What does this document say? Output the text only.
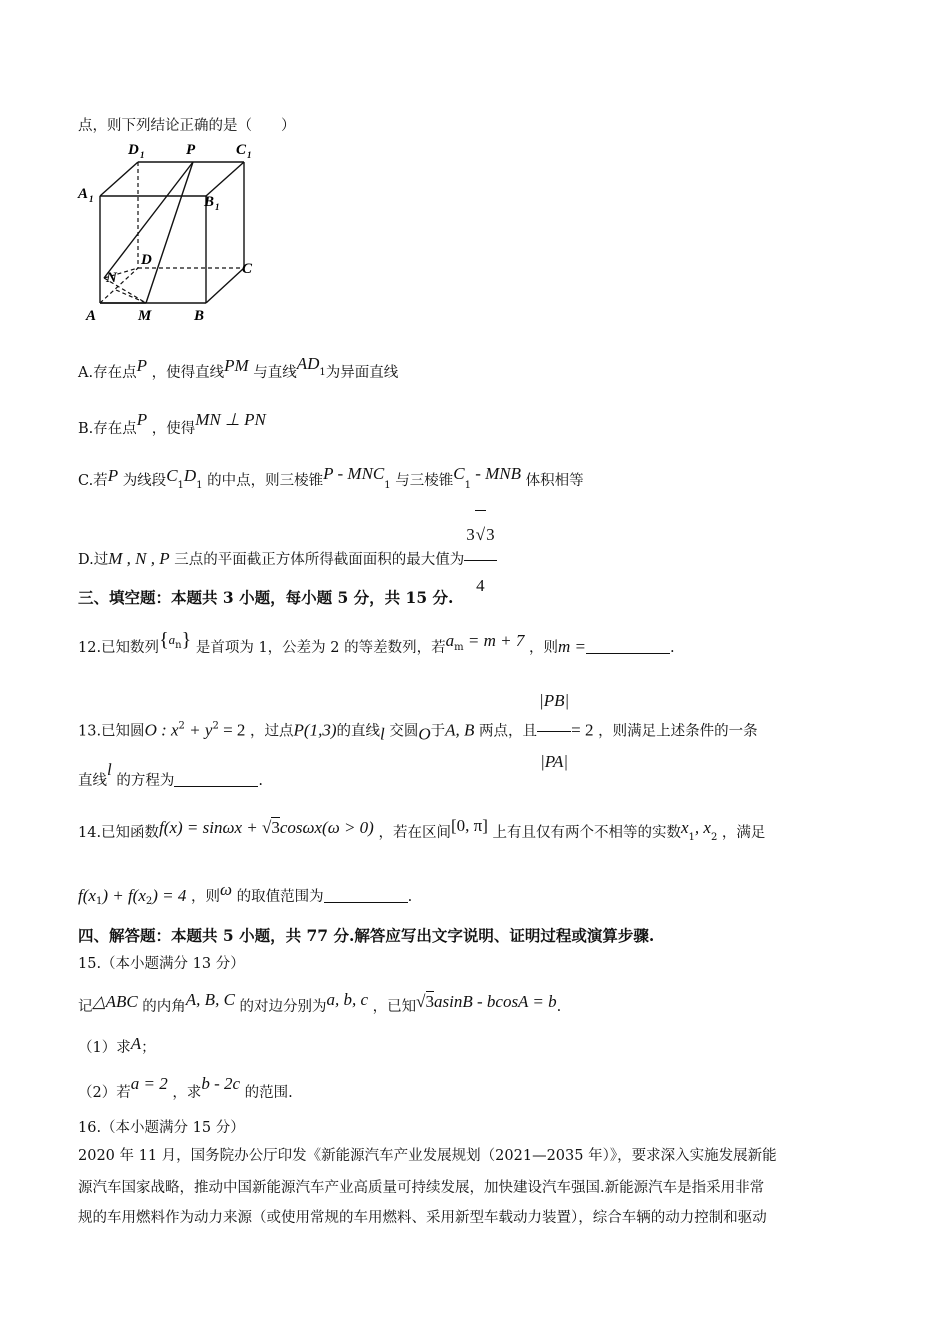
点，则下列结论正确的是（　　）
D 1	P	C 1
A 1	B 1
N
D
C
A	M	B
A.存在点P ，使得直线PM 与直线$AD^1$为异面直线
B.存在点P ，使得MN ⊥ PN
C.若P 为线段$C_1D_1$ 的中点，则三棱锥P - $MNC_1$ 与三棱锥$C_1$ - MNB 体积相等
D.过M , N , P 三点的平面截正方体所得截面面积的最大值为 $\frac{3√3}{4}$
三、填空题：本题共 3 小题，每小题 5 分，共 15 分.
12.已知数列$\{a^n\}$ 是首项为 1，公差为 2 的等差数列，若$a^m = m + 7$ ，则m =	.
13.已知圆O : $x^2 + y^2 = 2$ ，过点P(1,3)的直线l 交圆O于A, B 两点，且 $\frac{|PB|}{|PA|} = 2$ ，则满足上述条件的一条
直线l 的方程为	.
14.已知函数f(x) = sinωx + √3cosωx(ω > 0) ，若在区间[0, π] 上有且仅有两个不相等的实数$x_1$, $x_2$ ，满足
$f(x_1) + f(x_2) = 4$ ，则ω 的取值范围为	.
四、解答题：本题共 5 小题，共 77 分.解答应写出文字说明、证明过程或演算步骤.
15.（本小题满分 13 分）
记△ABC 的内角A, B, C 的对边分别为a, b, c ，已知√3asinB - bcosA = b.
（1）求A；
（2）若a = 2 ，求b - 2c 的范围.
16.（本小题满分 15 分）
2020 年 11 月，国务院办公厅印发《新能源汽车产业发展规划（2021—2035 年）》，要求深入实施发展新能
源汽车国家战略，推动中国新能源汽车产业高质量可持续发展，加快建设汽车强国.新能源汽车是指采用非常
规的车用燃料作为动力来源（或使用常规的车用燃料、采用新型车载动力装置），综合车辆的动力控制和驱动
